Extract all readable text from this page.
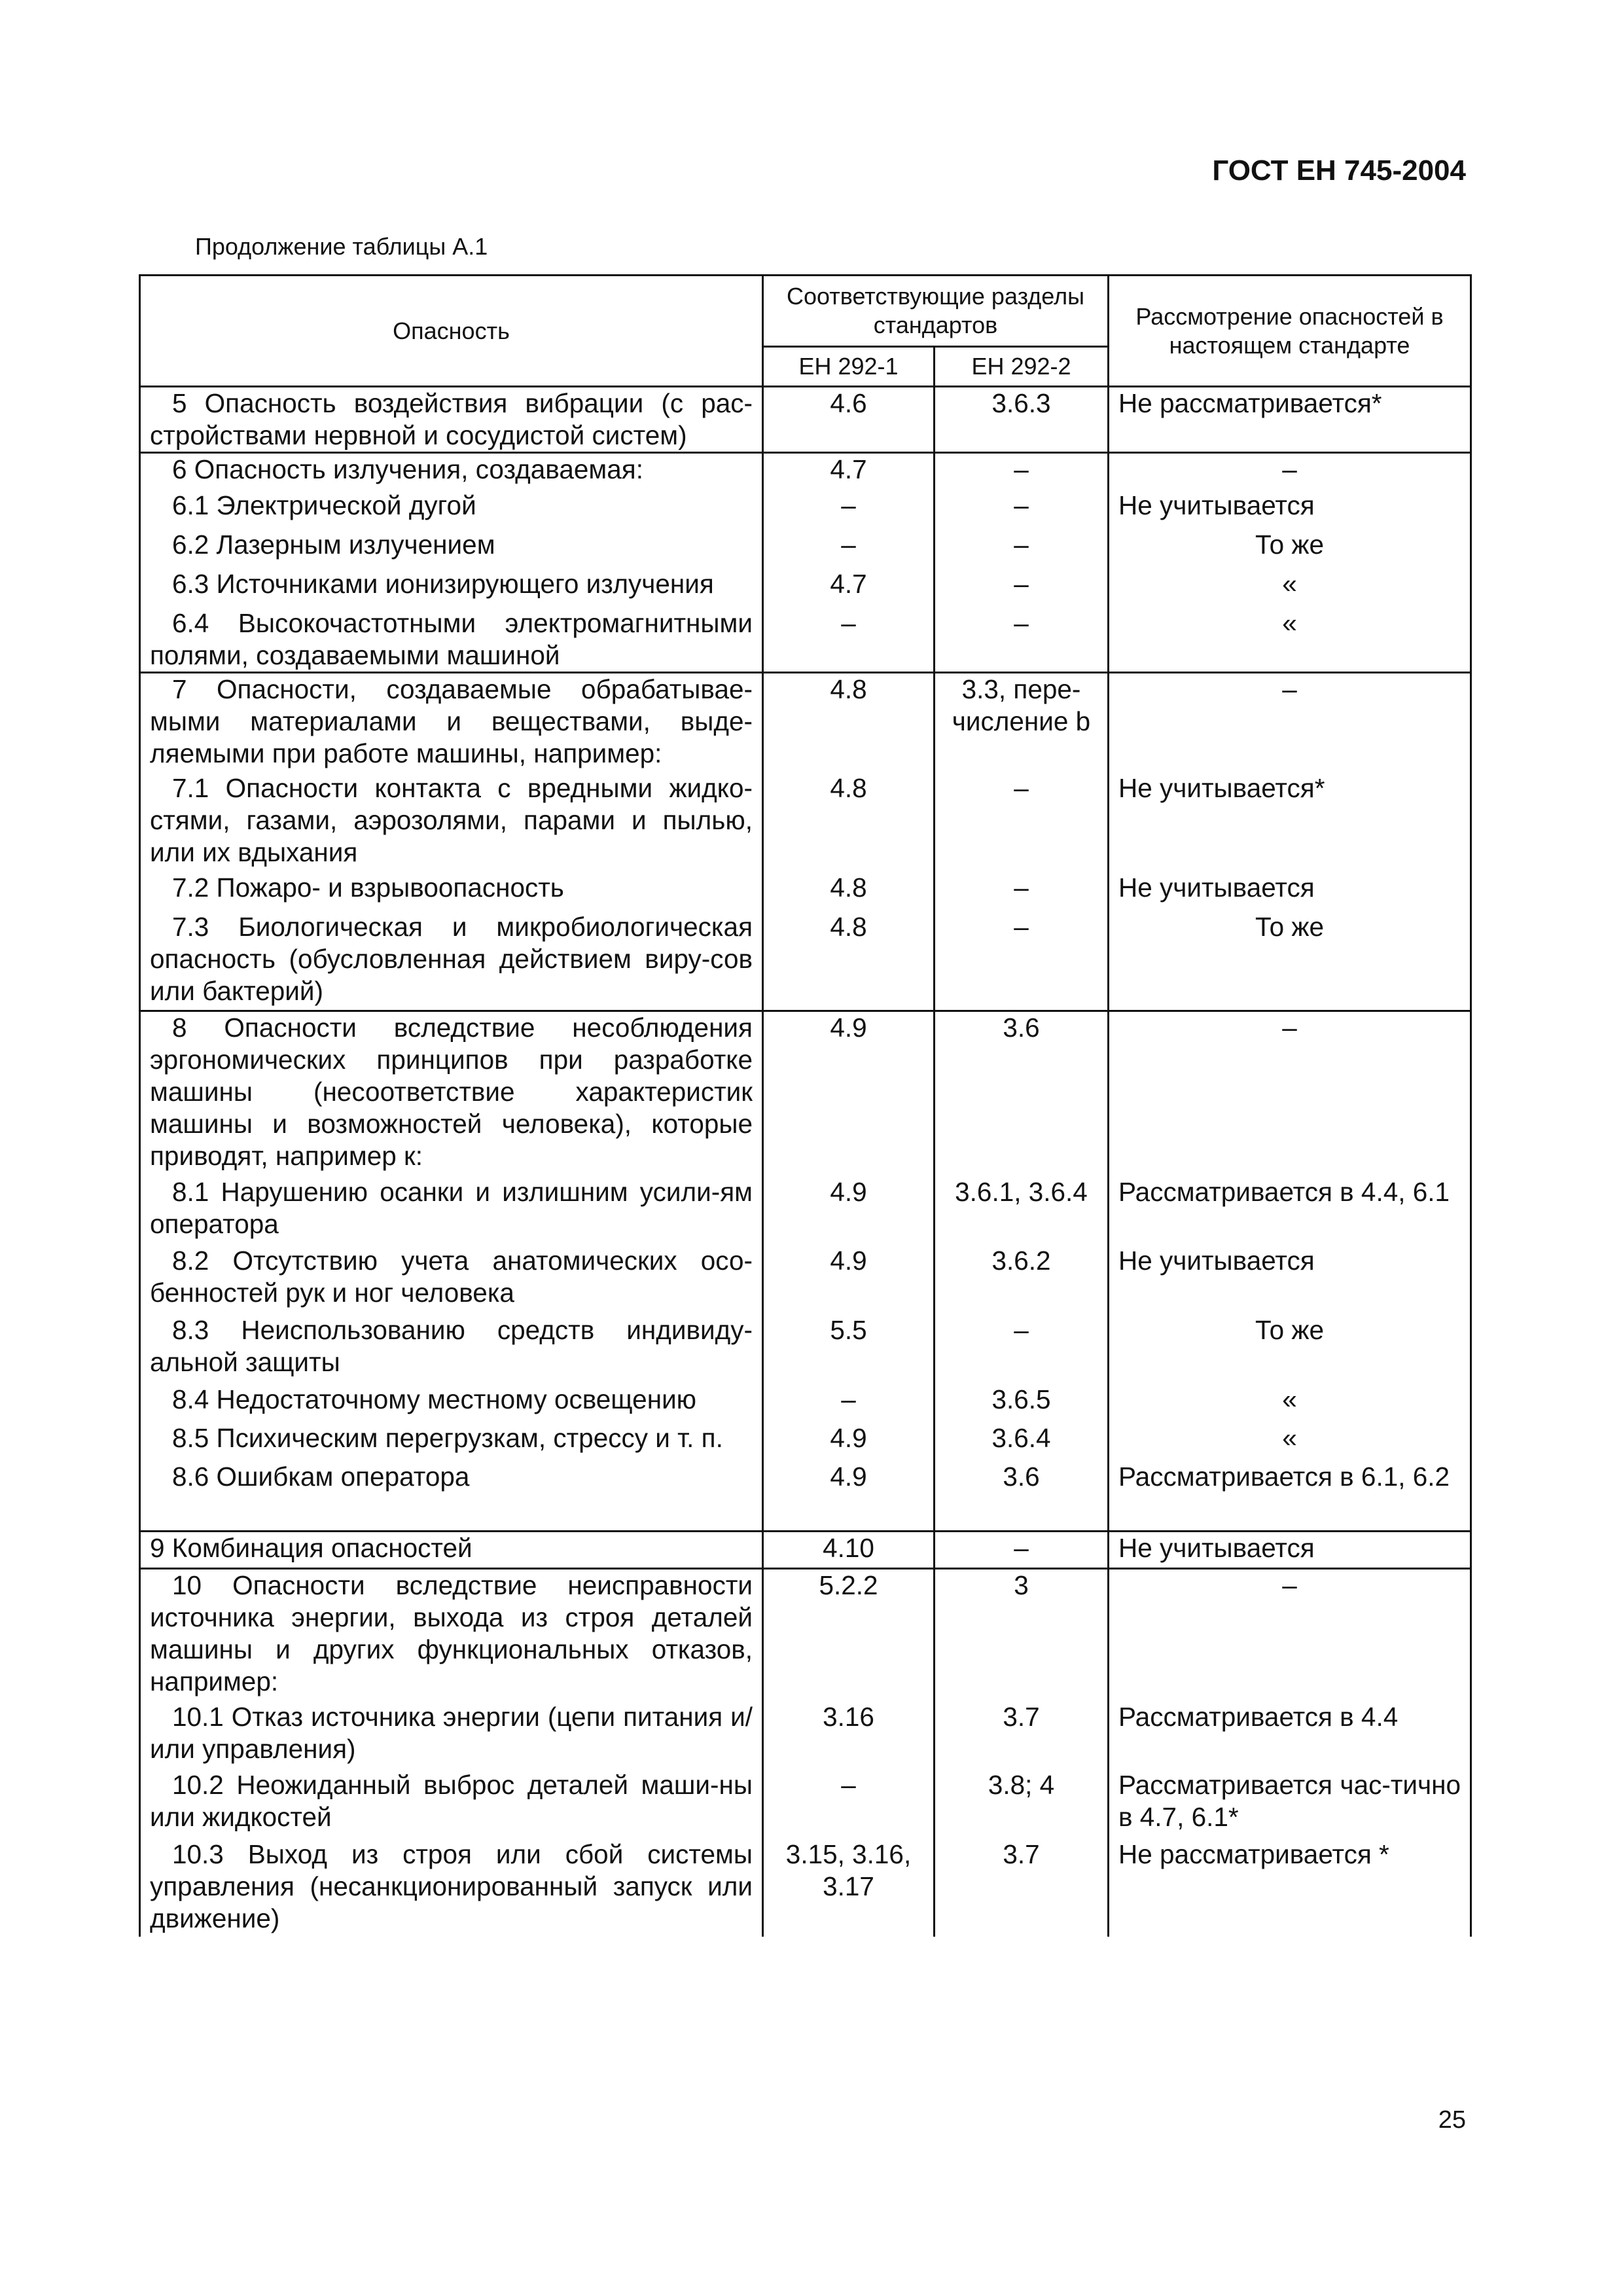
ГОСТ ЕН 745-2004
Продолжение таблицы А.1
Опасность	Соответствующие разделы стандартов		Рассмотрение опасностей в настоящем стандарте
	ЕН 292-1	ЕН 292-2	
5 Опасность воздействия вибрации (с рас-стройствами нервной и сосудистой систем)	4.6	3.6.3	Не рассматривается*
6 Опасность излучения, создаваемая:	4.7	–	–
6.1 Электрической дугой	–	–	Не учитывается
6.2 Лазерным излучением	–	–	То же
6.3 Источниками ионизирующего излучения	4.7	–	«
6.4 Высокочастотными электромагнитными полями, создаваемыми машиной	–	–	«
7 Опасности, создаваемые обрабатывае-мыми материалами и веществами, выде-ляемыми при работе машины, например:	4.8	3.3, пере-числение b	–
7.1 Опасности контакта с вредными жидко-стями, газами, аэрозолями, парами и пылью, или их вдыхания	4.8	–	Не учитывается*
7.2 Пожаро- и взрывоопасность	4.8	–	Не учитывается
7.3 Биологическая и микробиологическая опасность (обусловленная действием виру-сов или бактерий)	4.8	–	То же
8 Опасности вследствие несоблюдения эргономических принципов при разработке машины (несоответствие характеристик машины и возможностей человека), которые приводят, например к:	4.9	3.6	–
8.1 Нарушению осанки и излишним усили-ям оператора	4.9	3.6.1, 3.6.4	Рассматривается в 4.4, 6.1
8.2 Отсутствию учета анатомических осо-бенностей рук и ног человека	4.9	3.6.2	Не учитывается
8.3 Неиспользованию средств индивиду-альной защиты	5.5	–	То же
8.4 Недостаточному местному освещению	–	3.6.5	«
8.5 Психическим перегрузкам, стрессу и т. п.	4.9	3.6.4	«
8.6 Ошибкам оператора	4.9	3.6	Рассматривается в 6.1, 6.2
9 Комбинация опасностей	4.10	–	Не учитывается
10 Опасности вследствие неисправности источника энергии, выхода из строя деталей машины и других функциональных отказов, например:	5.2.2	3	–
10.1 Отказ источника энергии (цепи питания и/или управления)	3.16	3.7	Рассматривается в 4.4
10.2 Неожиданный выброс деталей маши-ны или жидкостей	–	3.8; 4	Рассматривается час-тично в 4.7, 6.1*
10.3 Выход из строя или сбой системы управления (несанкционированный запуск или движение)	3.15, 3.16, 3.17	3.7	Не рассматривается *
25
